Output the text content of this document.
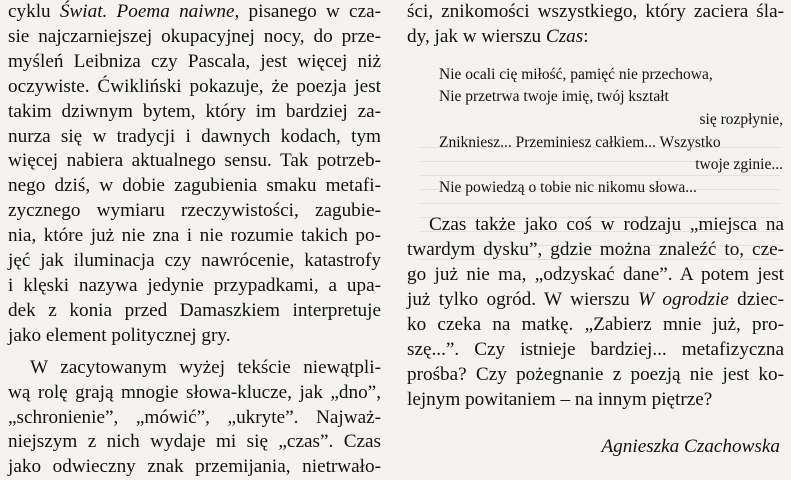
cyklu Świat. Poema naiwne, pisanego w cza-
sie najczarniejszej okupacyjnej nocy, do prze-
myśleń Leibniza czy Pascala, jest więcej niż
oczywiste. Ćwikliński pokazuje, że poezja jest
takim dziwnym bytem, który im bardziej za-
nurza się w tradycji i dawnych kodach, tym
więcej nabiera aktualnego sensu. Tak potrzeb-
nego dziś, w dobie zagubienia smaku metafi-
zycznego wymiaru rzeczywistości, zagubie-
nia, które już nie zna i nie rozumie takich po-
jęć jak iluminacja czy nawrócenie, katastrofy
i klęski nazywa jedynie przypadkami, a upa-
dek z konia przed Damaszkiem interpretuje
jako element politycznej gry.
W zacytowanym wyżej tekście niewątpli-
wą rolę grają mnogie słowa-klucze, jak „dno”,
„schronienie”, „mówić”, „ukryte”. Najważ-
niejszym z nich wydaje mi się „czas”. Czas
jako odwieczny znak przemijania, nietrwało-
ści, znikomości wszystkiego, który zaciera ślа-
dy, jak w wierszu Czas:
Nie ocali cię miłość, pamięć nie przechowa,
Nie przetrwa twoje imię, twój kształt
się rozpłynie,
Znikniesz... Przeminiesz całkiem... Wszystko
twoje zginie...
Nie powiedzą o tobie nic nikomu słowa...
Czas także jako coś w rodzaju „miejsca na
twardym dysku”, gdzie można znaleźć to, cze-
go już nie ma, „odzyskać dane”. A potem jest
już tylko ogród. W wierszu W ogrodzie dziec-
ko czeka na matkę. „Zabierz mnie już, pro-
szę...”. Czy istnieje bardziej... metafizyczna
prośba? Czy pożegnanie z poezją nie jest ko-
lejnym powitaniem – na innym piętrze?
Agnieszka Czachowska
